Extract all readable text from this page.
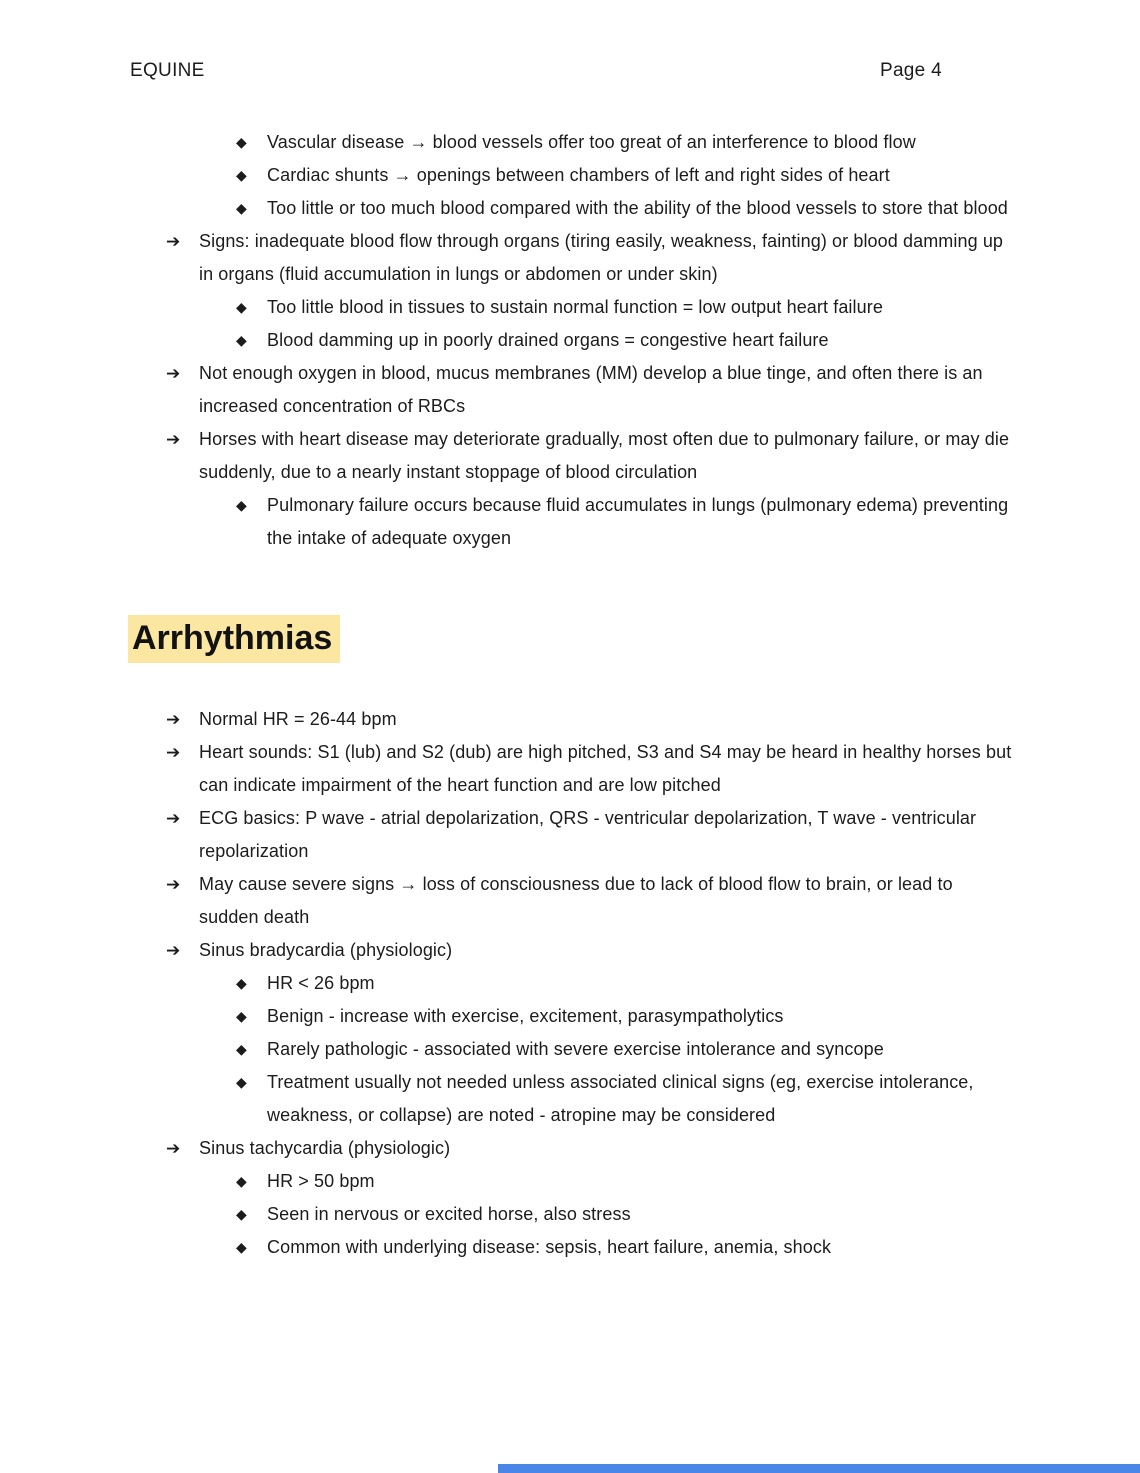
EQUINE	Page 4
◆	Vascular disease → blood vessels offer too great of an interference to blood flow
◆	Cardiac shunts → openings between chambers of left and right sides of heart
◆	Too little or too much blood compared with the ability of the blood vessels to store that blood
➔	Signs: inadequate blood flow through organs (tiring easily, weakness, fainting) or blood damming up in organs (fluid accumulation in lungs or abdomen or under skin)
◆	Too little blood in tissues to sustain normal function = low output heart failure
◆	Blood damming up in poorly drained organs = congestive heart failure
➔	Not enough oxygen in blood, mucus membranes (MM) develop a blue tinge, and often there is an increased concentration of RBCs
➔	Horses with heart disease may deteriorate gradually, most often due to pulmonary failure, or may die suddenly, due to a nearly instant stoppage of blood circulation
◆	Pulmonary failure occurs because fluid accumulates in lungs (pulmonary edema) preventing the intake of adequate oxygen
Arrhythmias
➔	Normal HR = 26-44 bpm
➔	Heart sounds: S1 (lub) and S2 (dub) are high pitched, S3 and S4 may be heard in healthy horses but can indicate impairment of the heart function and are low pitched
➔	ECG basics: P wave - atrial depolarization, QRS - ventricular depolarization, T wave - ventricular repolarization
➔	May cause severe signs → loss of consciousness due to lack of blood flow to brain, or lead to sudden death
➔	Sinus bradycardia (physiologic)
◆	HR < 26 bpm
◆	Benign - increase with exercise, excitement, parasympatholytics
◆	Rarely pathologic - associated with severe exercise intolerance and syncope
◆	Treatment usually not needed unless associated clinical signs (eg, exercise intolerance, weakness, or collapse) are noted - atropine may be considered
➔	Sinus tachycardia (physiologic)
◆	HR > 50 bpm
◆	Seen in nervous or excited horse, also stress
◆	Common with underlying disease: sepsis, heart failure, anemia, shock
